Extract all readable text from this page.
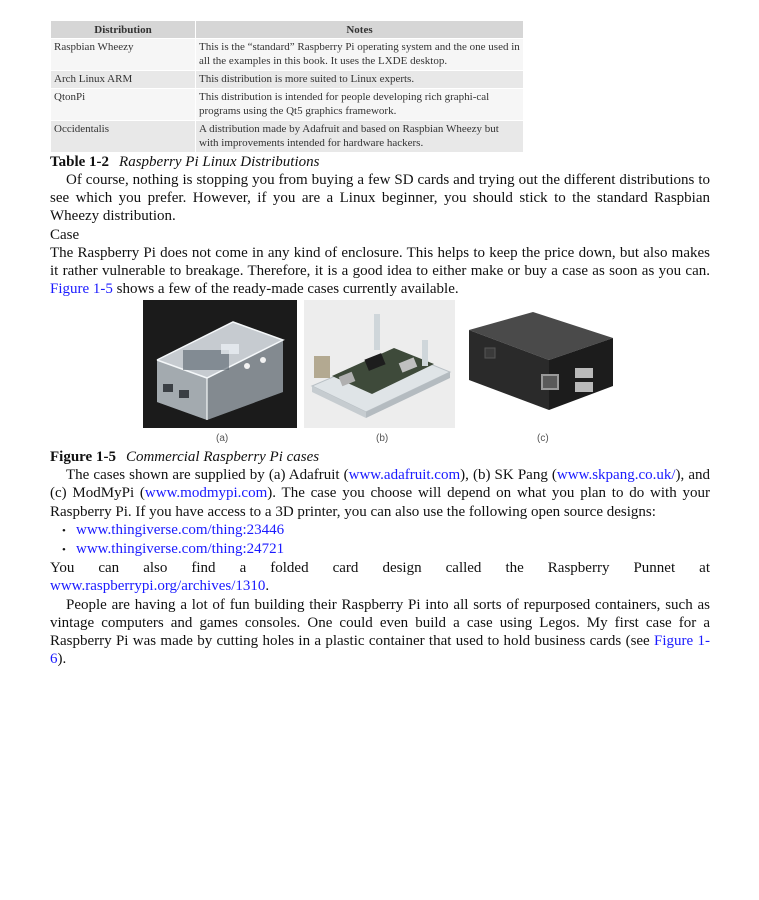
Distribution	Notes
Raspbian Wheezy	This is the “standard” Raspberry Pi operating system and the one used in all the examples in this book. It uses the LXDE desktop.
Arch Linux ARM	This distribution is more suited to Linux experts.
QtonPi	This distribution is intended for people developing rich graphi-cal programs using the Qt5 graphics framework.
Occidentalis	A distribution made by Adafruit and based on Raspbian Wheezy but with improvements intended for hardware hackers.

Table 1-2 Raspberry Pi Linux Distributions

Of course, nothing is stopping you from buying a few SD cards and trying out the different distributions to see which you prefer. However, if you are a Linux beginner, you should stick to the standard Raspbian Wheezy distribution.

Case

The Raspberry Pi does not come in any kind of enclosure. This helps to keep the price down, but also makes it rather vulnerable to breakage. Therefore, it is a good idea to either make or buy a case as soon as you can. Figure 1-5 shows a few of the ready-made cases currently available.

(a)	(b)	(c)

Figure 1-5 Commercial Raspberry Pi cases

The cases shown are supplied by (a) Adafruit (www.adafruit.com), (b) SK Pang (www.skpang.co.uk/), and (c) ModMyPi (www.modmypi.com). The case you choose will depend on what you plan to do with your Raspberry Pi. If you have access to a 3D printer, you can also use the following open source designs:

• www.thingiverse.com/thing:23446
• www.thingiverse.com/thing:24721
You can also find a folded card design called the Raspberry Punnet at

www.raspberrypi.org/archives/1310.

People are having a lot of fun building their Raspberry Pi into all sorts of repurposed containers, such as vintage computers and games consoles. One could even build a case using Legos. My first case for a Raspberry Pi was made by cutting holes in a plastic container that used to hold business cards (see Figure 1-6).
